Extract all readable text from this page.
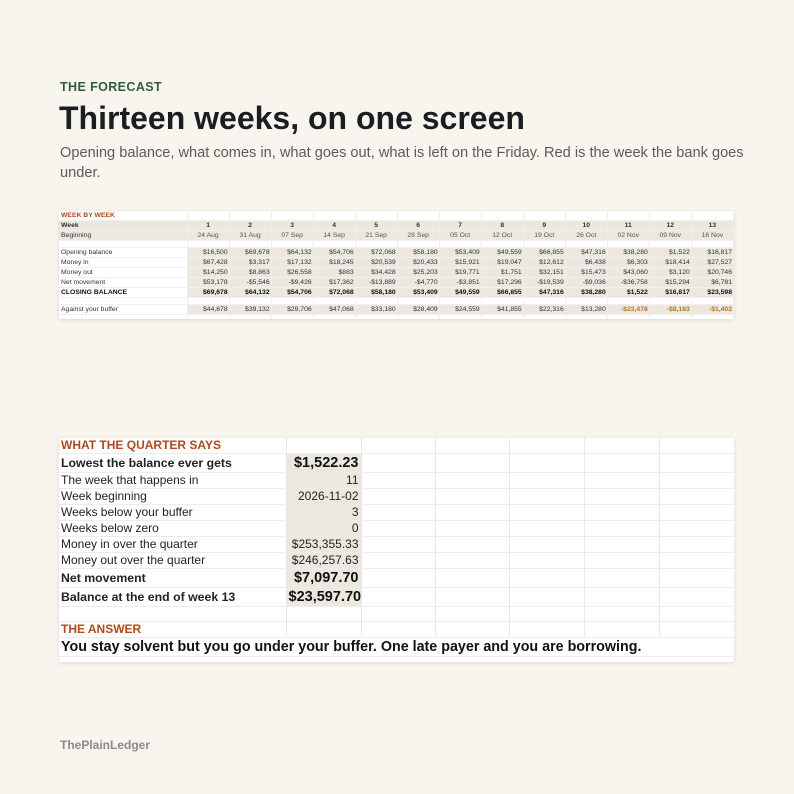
THE FORECAST
Thirteen weeks, on one screen

Opening balance, what comes in, what goes out, what is left on the Friday. Red is the week the bank goes under.

WEEK BY WEEK													
Week	1	2	3	4	5	6	7	8	9	10	11	12	13
Beginning	24 Aug	31 Aug	07 Sep	14 Sep	21 Sep	28 Sep	05 Oct	12 Oct	19 Oct	26 Oct	02 Nov	09 Nov	16 Nov

Opening balance	$16,500	$69,678	$64,132	$54,706	$72,068	$58,180	$53,409	$49,559	$66,855	$47,316	$38,280	$1,522	$16,817
Money in	$67,428	$3,317	$17,132	$18,245	$20,539	$20,433	$15,921	$19,047	$12,612	$6,438	$6,303	$18,414	$27,527
Money out	$14,250	$8,863	$26,558	$883	$34,428	$25,203	$19,771	$1,751	$32,151	$15,473	$43,060	$3,120	$20,746
Net movement	$53,178	-$5,546	-$9,426	$17,362	-$13,889	-$4,770	-$3,851	$17,296	-$19,539	-$9,036	-$36,758	$15,294	$6,781
CLOSING BALANCE	$69,678	$64,132	$54,706	$72,068	$58,180	$53,409	$49,559	$66,855	$47,316	$38,280	$1,522	$16,817	$23,598

Against your buffer	$44,678	$39,132	$29,706	$47,068	$33,180	$28,409	$24,559	$41,855	$22,316	$13,280	-$23,478	-$8,183	-$1,402

WHAT THE QUARTER SAYS						
Lowest the balance ever gets	$1,522.23					
The week that happens in	11					
Week beginning	2026-11-02					
Weeks below your buffer	3					
Weeks below zero	0					
Money in over the quarter	$253,355.33					
Money out over the quarter	$246,257.63					
Net movement	$7,097.70					
Balance at the end of week 13	$23,597.70					

THE ANSWER						
You stay solvent but you go under your buffer. One late payer and you are borrowing.						
ThePlainLedger
